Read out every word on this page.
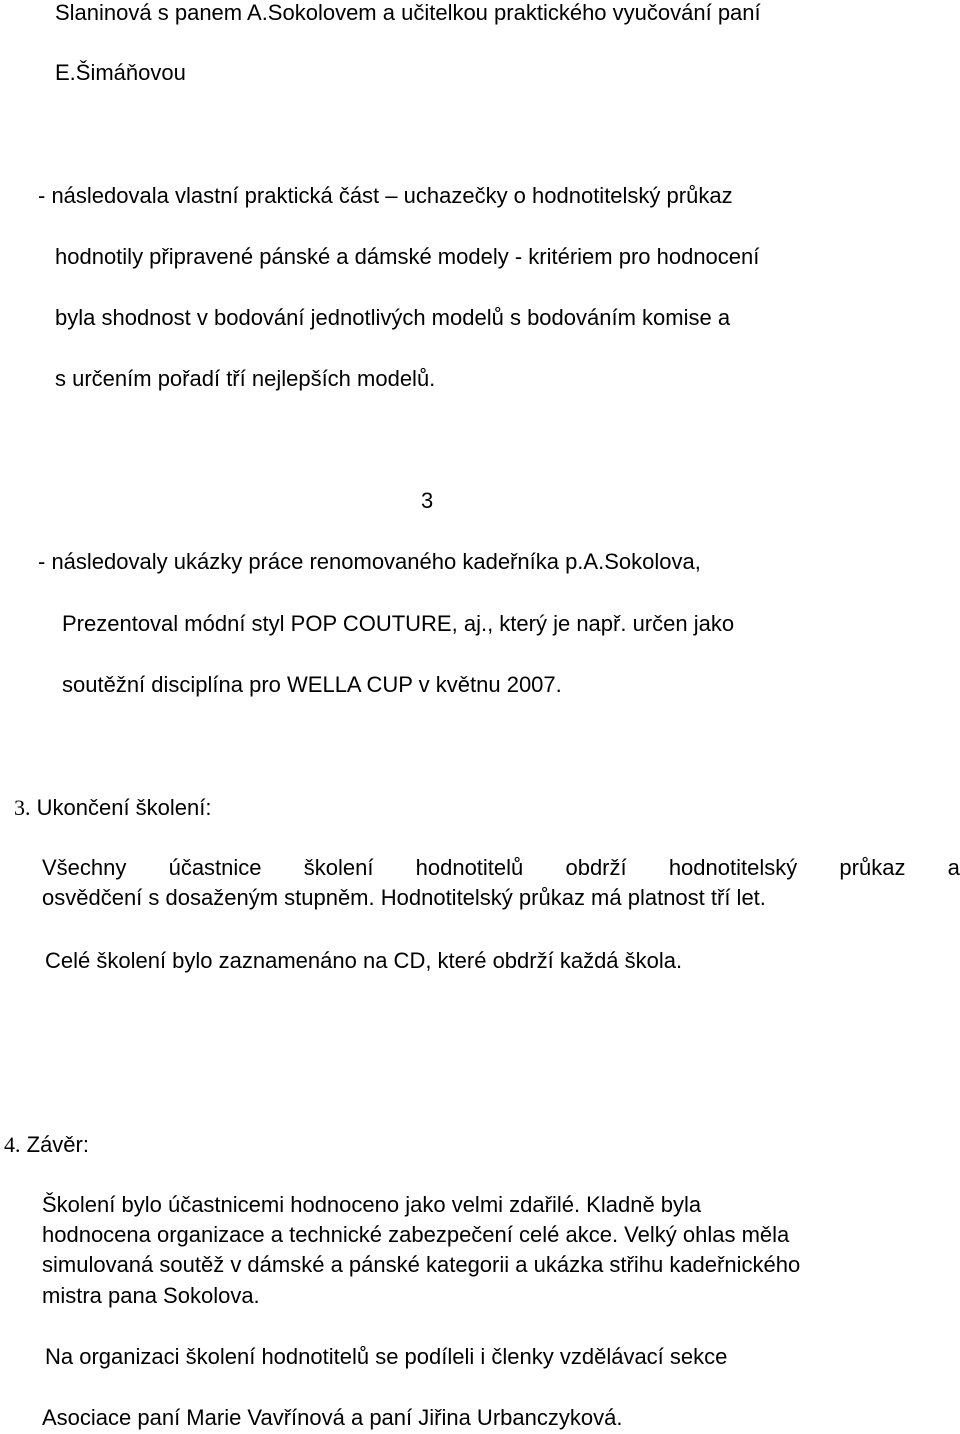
Slaninová s panem A.Sokolovem a učitelkou praktického vyučování paní

E.Šimáňovou

- následovala vlastní praktická část – uchazečky o hodnotitelský průkaz

hodnotily připravené pánské a dámské modely - kritériem pro hodnocení

byla shodnost v bodování jednotlivých modelů s bodováním komise a

s určením pořadí tří nejlepších modelů.

3

- následovaly ukázky práce renomovaného kadeřníka p.A.Sokolova,

Prezentoval módní styl POP COUTURE, aj., který je např. určen jako

soutěžní disciplína pro WELLA CUP v květnu 2007.

3. Ukončení školení:

Všechny účastnice školení hodnotitelů obdrží hodnotitelský průkaz a

osvědčení s dosaženým stupněm. Hodnotitelský průkaz má platnost tří let.

Celé školení bylo zaznamenáno na CD, které obdrží každá škola.

4. Závěr:

Školení bylo účastnicemi hodnoceno jako velmi zdařilé. Kladně byla

hodnocena organizace a technické zabezpečení celé akce. Velký ohlas měla

simulovaná soutěž v dámské a pánské kategorii a ukázka střihu kadeřnického

mistra pana Sokolova.

Na organizaci školení hodnotitelů se podíleli i členky vzdělávací sekce

Asociace paní Marie Vavřínová a paní Jiřina Urbanczyková.
